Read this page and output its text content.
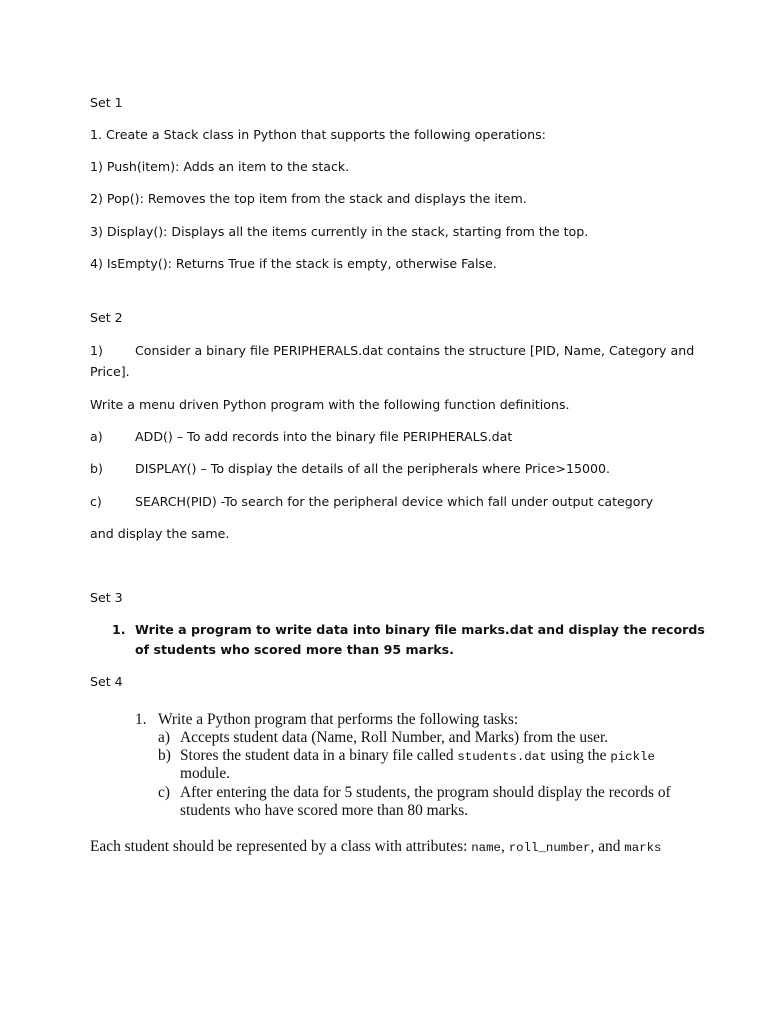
Set 1

1. Create a Stack class in Python that supports the following operations:

1) Push(item): Adds an item to the stack.

2) Pop(): Removes the top item from the stack and displays the item.

3) Display(): Displays all the items currently in the stack, starting from the top.

4) IsEmpty(): Returns True if the stack is empty, otherwise False.

Set 2

1)	Consider a binary file PERIPHERALS.dat contains the structure [PID, Name, Category and

Price].

Write a menu driven Python program with the following function definitions.

a)	ADD() – To add records into the binary file PERIPHERALS.dat
b)	DISPLAY() – To display the details of all the peripherals where Price>15000.
c)	SEARCH(PID) -To search for the peripheral device which fall under output category

and display the same.

Set 3

1. Write a program to write data into binary file marks.dat and display the records

of students who scored more than 95 marks.

Set 4

1. Write a Python program that performs the following tasks:
a) Accepts student data (Name, Roll Number, and Marks) from the user.
b) Stores the student data in a binary file called students.dat using the pickle

module.

c) After entering the data for 5 students, the program should display the records of

students who have scored more than 80 marks.

Each student should be represented by a class with attributes: name, roll_number, and marks
